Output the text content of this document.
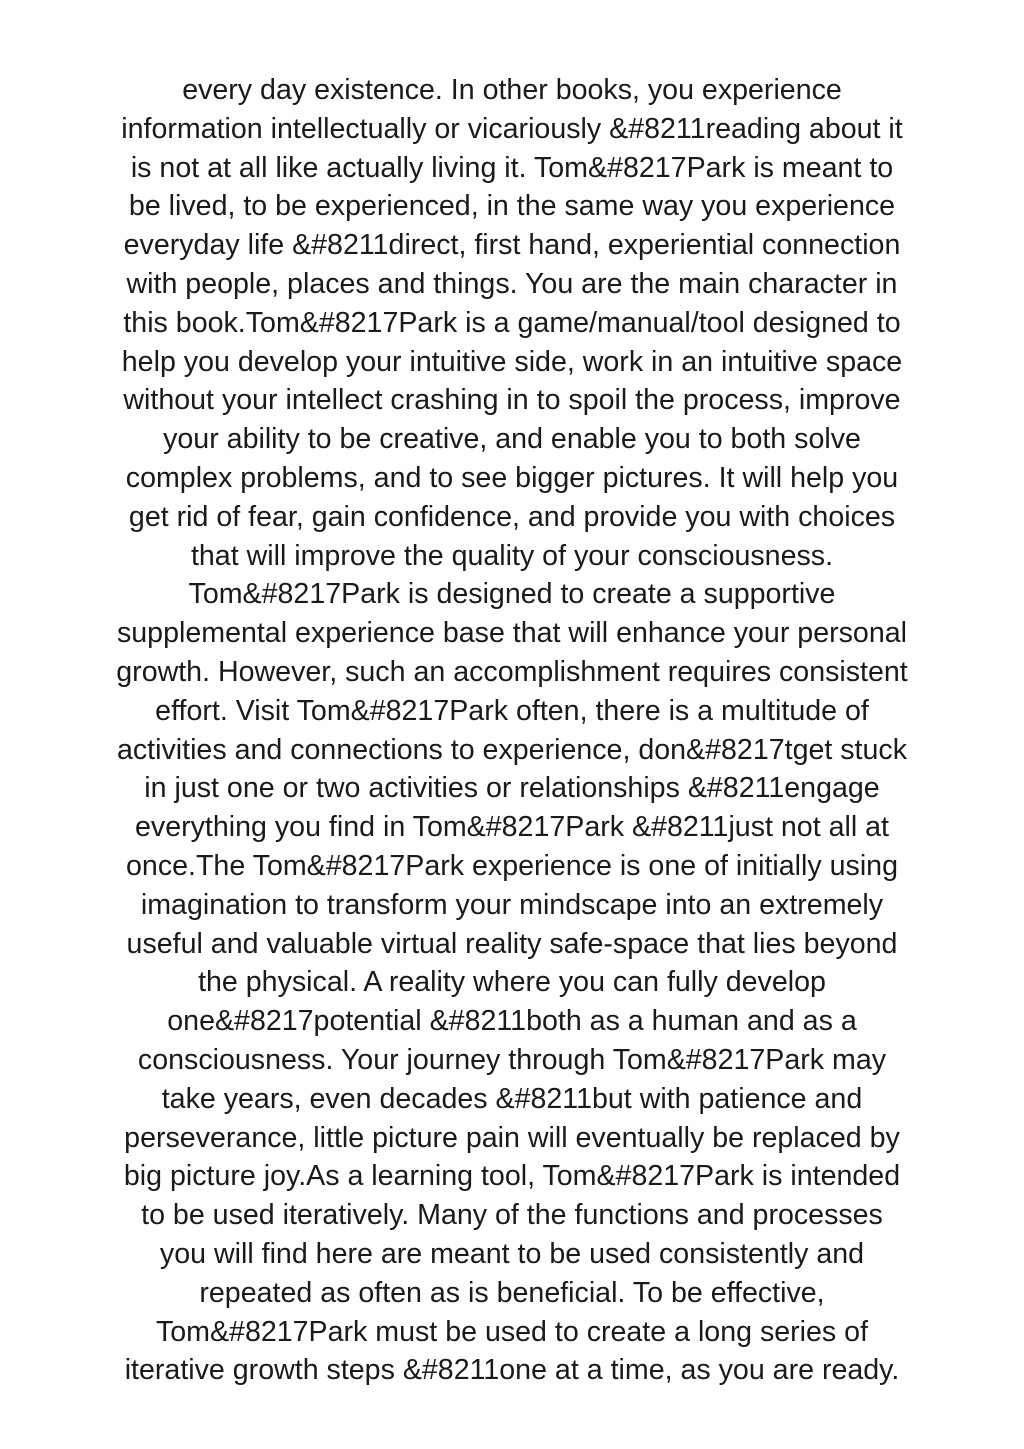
every day existence. In other books, you experience
information intellectually or vicariously &#8211reading about it
is not at all like actually living it. Tom&#8217Park is meant to
be lived, to be experienced, in the same way you experience
everyday life &#8211direct, first hand, experiential connection
with people, places and things. You are the main character in
this book.Tom&#8217Park is a game/manual/tool designed to
help you develop your intuitive side, work in an intuitive space
without your intellect crashing in to spoil the process, improve
your ability to be creative, and enable you to both solve
complex problems, and to see bigger pictures. It will help you
get rid of fear, gain confidence, and provide you with choices
that will improve the quality of your consciousness.
Tom&#8217Park is designed to create a supportive
supplemental experience base that will enhance your personal
growth. However, such an accomplishment requires consistent
effort. Visit Tom&#8217Park often, there is a multitude of
activities and connections to experience, don&#8217tget stuck
in just one or two activities or relationships &#8211engage
everything you find in Tom&#8217Park &#8211just not all at
once.The Tom&#8217Park experience is one of initially using
imagination to transform your mindscape into an extremely
useful and valuable virtual reality safe-space that lies beyond
the physical. A reality where you can fully develop
one&#8217potential &#8211both as a human and as a
consciousness. Your journey through Tom&#8217Park may
take years, even decades &#8211but with patience and
perseverance, little picture pain will eventually be replaced by
big picture joy.As a learning tool, Tom&#8217Park is intended
to be used iteratively. Many of the functions and processes
you will find here are meant to be used consistently and
repeated as often as is beneficial. To be effective,
Tom&#8217Park must be used to create a long series of
iterative growth steps &#8211one at a time, as you are ready.
